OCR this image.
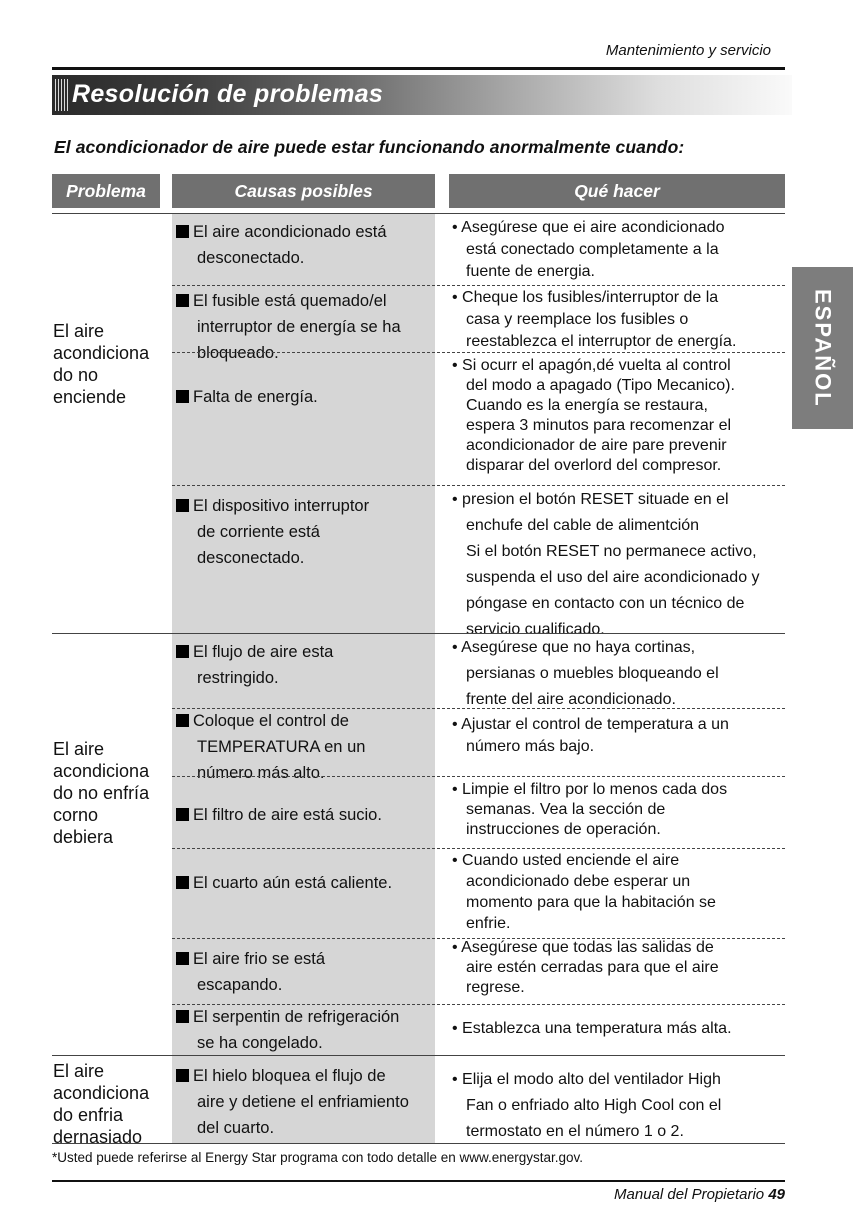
Mantenimiento y servicio
Resolución de problemas
El acondicionador de aire puede estar funcionando anormalmente cuando:
Problema	Causas posibles	Qué hacer
ESPAÑOL
El aire
acondiciona
do no
enciende
El aire acondicionado está
desconectado.
• Asegúrese que ei aire acondicionado
está conectado completamente a la
fuente de energia.
El fusible está quemado/el
interruptor de energía se ha
bloqueado.
• Cheque los fusibles/interruptor de la
casa y reemplace los fusibles o
reestablezca el interruptor de energía.
Falta de energía.
• Si ocurr el apagón,dé vuelta al control
del modo a apagado (Tipo Mecanico).
Cuando es la energía se restaura,
espera 3 minutos para recomenzar el
acondicionador de aire pare prevenir
disparar del overlord del compresor.
El dispositivo interruptor
de corriente está
desconectado.
• presion el botón RESET situade en el
enchufe del cable de alimentción
Si el botón RESET no permanece activo,
suspenda el uso del aire acondicionado y
póngase en contacto con un técnico de
servicio cualificado.
El aire
acondiciona
do no enfría
corno
debiera
El flujo de aire esta
restringido.
• Asegúrese que no haya cortinas,
persianas o muebles bloqueando el
frente del aire acondicionado.
Coloque el control de
TEMPERATURA en un
número más alto.
• Ajustar el control de temperatura a un
número más bajo.
El filtro de aire está sucio.
• Limpie el filtro por lo menos cada dos
semanas. Vea la sección de
instrucciones de operación.
El cuarto aún está caliente.
• Cuando usted enciende el aire
acondicionado debe esperar un
momento para que la habitación se
enfrie.
El aire frio se está
escapando.
• Asegúrese que todas las salidas de
aire estén cerradas para que el aire
regrese.
El serpentin de refrigeración
se ha congelado.
• Establezca una temperatura más alta.
El aire
acondiciona
do enfria
dernasiado
El hielo bloquea el flujo de
aire y detiene el enfriamiento
del cuarto.
• Elija el modo alto del ventilador High
Fan o enfriado alto High Cool con el
termostato en el número 1 o 2.
*Usted puede referirse al Energy Star programa con todo detalle en www.energystar.gov.
Manual del Propietario 49
